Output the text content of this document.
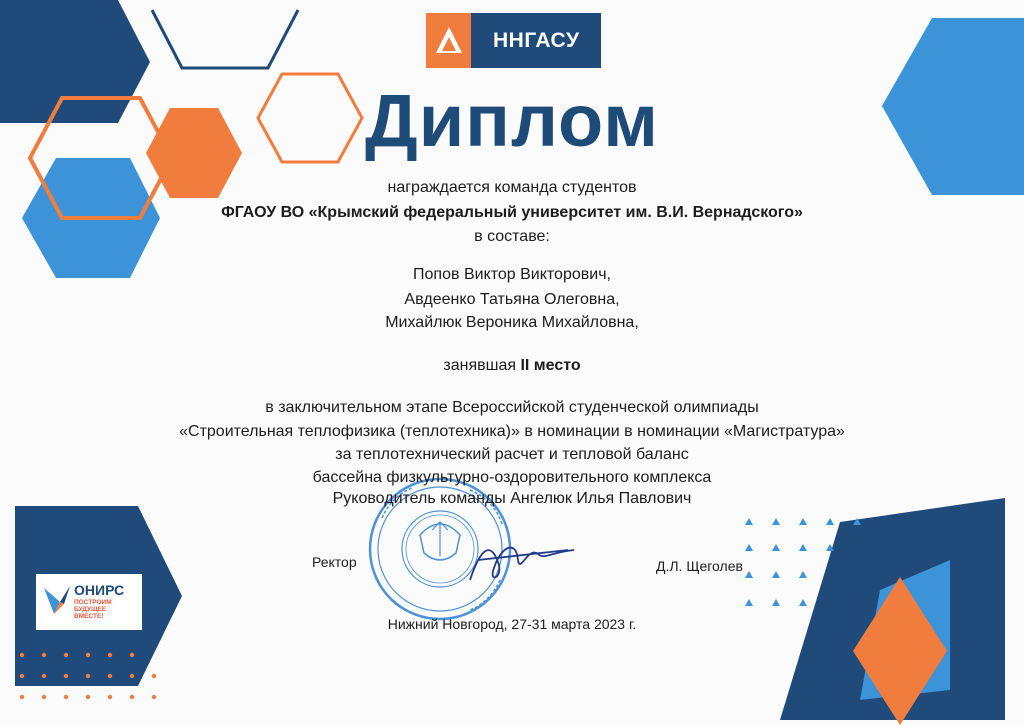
ННГАСУ
Диплом
награждается команда студентов
ФГАОУ ВО «Крымский федеральный университет им. В.И. Вернадского»
в составе:
Попов Виктор Викторович,
Авдеенко Татьяна Олеговна,
Михайлюк Вероника Михайловна,
занявшая II место
в заключительном этапе Всероссийской студенческой олимпиады
«Строительная теплофизика (теплотехника)» в номинации в номинации «Магистратура»
за теплотехнический расчет и тепловой баланс
бассейна физкультурно-оздоровительного комплекса
Руководитель команды Ангелюк Илья Павлович
Ректор	Д.Л. Щеголев
Нижний Новгород, 27-31 марта 2023 г.
ОНИРС
ПОСТРОИМ
БУДУЩЕЕ
ВМЕСТЕ!
